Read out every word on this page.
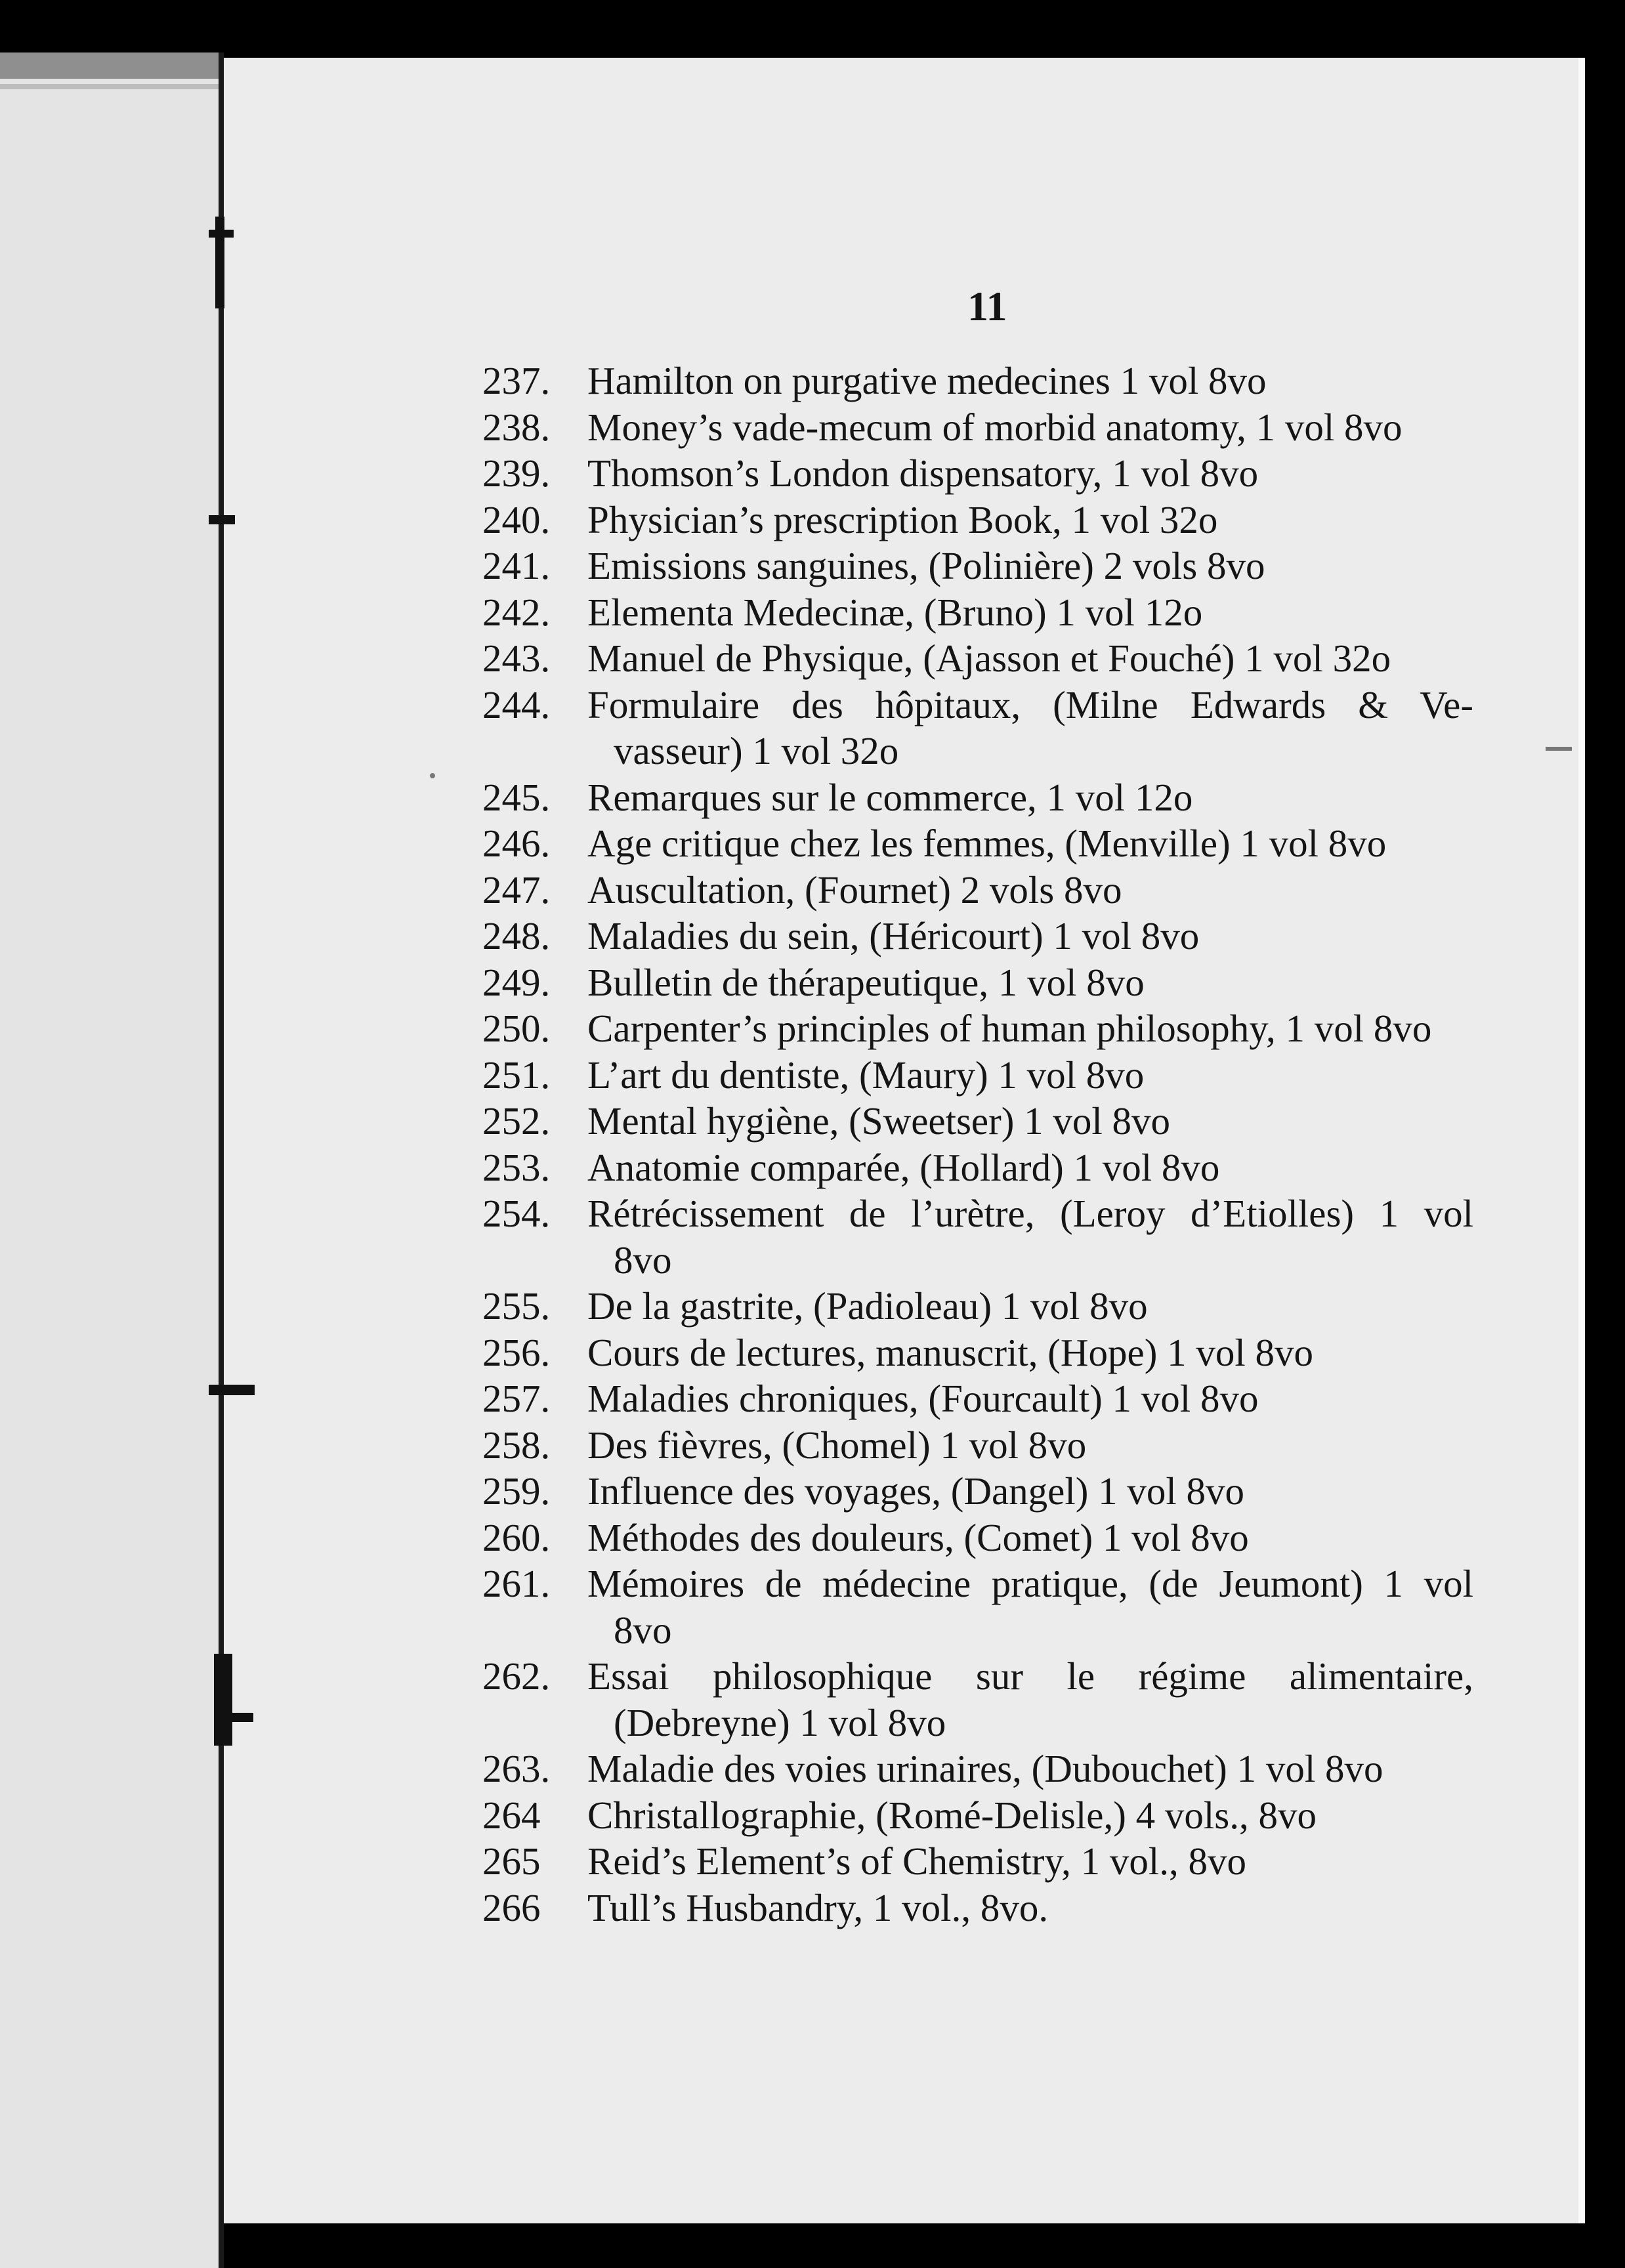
11
237. Hamilton on purgative medecines 1 vol 8vo
238. Money’s vade-mecum of morbid anatomy, 1 vol 8vo
239. Thomson’s London dispensatory, 1 vol 8vo
240. Physician’s prescription Book, 1 vol 32o
241. Emissions sanguines, (Polinière) 2 vols 8vo
242. Elementa Medecinæ, (Bruno) 1 vol 12o
243. Manuel de Physique, (Ajasson et Fouché) 1 vol 32o
244. Formulaire des hôpitaux, (Milne Edwards & Ve-
vasseur) 1 vol 32o
245. Remarques sur le commerce, 1 vol 12o
246. Age critique chez les femmes, (Menville) 1 vol 8vo
247. Auscultation, (Fournet) 2 vols 8vo
248. Maladies du sein, (Héricourt) 1 vol 8vo
249. Bulletin de thérapeutique, 1 vol 8vo
250. Carpenter’s principles of human philosophy, 1 vol 8vo
251. L’art du dentiste, (Maury) 1 vol 8vo
252. Mental hygiène, (Sweetser) 1 vol 8vo
253. Anatomie comparée, (Hollard) 1 vol 8vo
254. Rétrécissement de l’urètre, (Leroy d’Etiolles) 1 vol
8vo
255. De la gastrite, (Padioleau) 1 vol 8vo
256. Cours de lectures, manuscrit, (Hope) 1 vol 8vo
257. Maladies chroniques, (Fourcault) 1 vol 8vo
258. Des fièvres, (Chomel) 1 vol 8vo
259. Influence des voyages, (Dangel) 1 vol 8vo
260. Méthodes des douleurs, (Comet) 1 vol 8vo
261. Mémoires de médecine pratique, (de Jeumont) 1 vol
8vo
262. Essai philosophique sur le régime alimentaire,
(Debreyne) 1 vol 8vo
263. Maladie des voies urinaires, (Dubouchet) 1 vol 8vo
264	Christallographie, (Romé-Delisle,) 4 vols., 8vo
265	Reid’s Element’s of Chemistry, 1 vol., 8vo
266	Tull’s Husbandry, 1 vol., 8vo.
